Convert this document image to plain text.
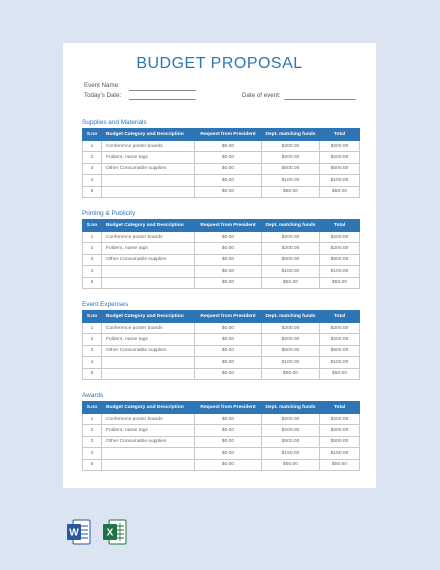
BUDGET PROPOSAL
Event Name:
Today's Date:	Date of event:
Supplies and Materials
S.no	Budget Category and Description	Request from President	Dept. matching funds	Total
1	Conference poster boards	$0.00	$200.00	$200.00
2	Folders, name tags	$0.00	$200.00	$200.00
3	Other Consumable supplies	$0.00	$500.00	$500.00
4		$0.00	$100.00	$100.00
5		$0.00	$50.00	$50.00
Printing & Publicity
S.no	Budget Category and Description	Request from President	Dept. matching funds	Total
1	Conference poster boards	$0.00	$200.00	$200.00
2	Folders, name tags	$0.00	$200.00	$200.00
3	Other Consumable supplies	$0.00	$500.00	$500.00
4		$0.00	$100.00	$100.00
5		$0.00	$50.00	$50.00
Event Expenses
S.no	Budget Category and Description	Request from President	Dept. matching funds	Total
1	Conference poster boards	$0.00	$200.00	$200.00
2	Folders, name tags	$0.00	$200.00	$200.00
3	Other Consumable supplies	$0.00	$500.00	$500.00
4		$0.00	$100.00	$100.00
5		$0.00	$50.00	$50.00
Awards
S.no	Budget Category and Description	Request from President	Dept. matching funds	Total
1	Conference poster boards	$0.00	$200.00	$200.00
2	Folders, name tags	$0.00	$200.00	$200.00
3	Other Consumable supplies	$0.00	$500.00	$500.00
4		$0.00	$150.00	$150.00
5		$0.00	$50.00	$50.00
W	X
